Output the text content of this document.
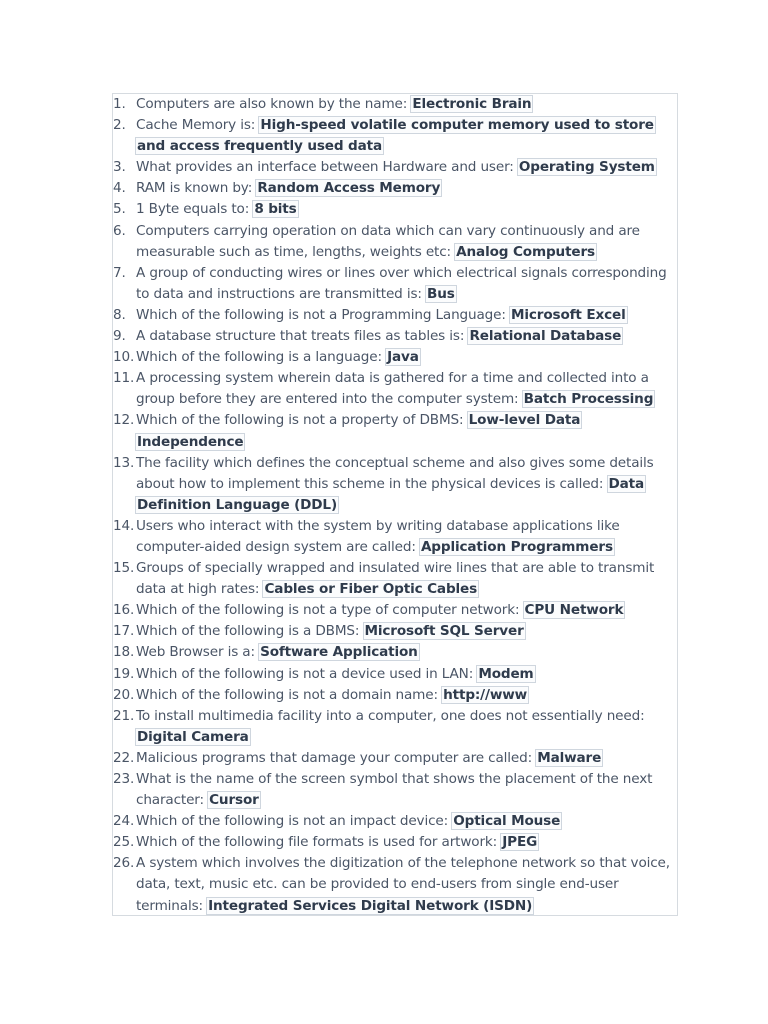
1. Computers are also known by the name: Electronic Brain
2. Cache Memory is: High-speed volatile computer memory used to store and access frequently used data
3. What provides an interface between Hardware and user: Operating System
4. RAM is known by: Random Access Memory
5. 1 Byte equals to: 8 bits
6. Computers carrying operation on data which can vary continuously and are measurable such as time, lengths, weights etc: Analog Computers
7. A group of conducting wires or lines over which electrical signals corresponding to data and instructions are transmitted is: Bus
8. Which of the following is not a Programming Language: Microsoft Excel
9. A database structure that treats files as tables is: Relational Database
10. Which of the following is a language: Java
11. A processing system wherein data is gathered for a time and collected into a group before they are entered into the computer system: Batch Processing
12. Which of the following is not a property of DBMS: Low-level Data Independence
13. The facility which defines the conceptual scheme and also gives some details about how to implement this scheme in the physical devices is called: Data Definition Language (DDL)
14. Users who interact with the system by writing database applications like computer-aided design system are called: Application Programmers
15. Groups of specially wrapped and insulated wire lines that are able to transmit data at high rates: Cables or Fiber Optic Cables
16. Which of the following is not a type of computer network: CPU Network
17. Which of the following is a DBMS: Microsoft SQL Server
18. Web Browser is a: Software Application
19. Which of the following is not a device used in LAN: Modem
20. Which of the following is not a domain name: http://www
21. To install multimedia facility into a computer, one does not essentially need: Digital Camera
22. Malicious programs that damage your computer are called: Malware
23. What is the name of the screen symbol that shows the placement of the next character: Cursor
24. Which of the following is not an impact device: Optical Mouse
25. Which of the following file formats is used for artwork: JPEG
26. A system which involves the digitization of the telephone network so that voice, data, text, music etc. can be provided to end-users from single end-user terminals: Integrated Services Digital Network (ISDN)
